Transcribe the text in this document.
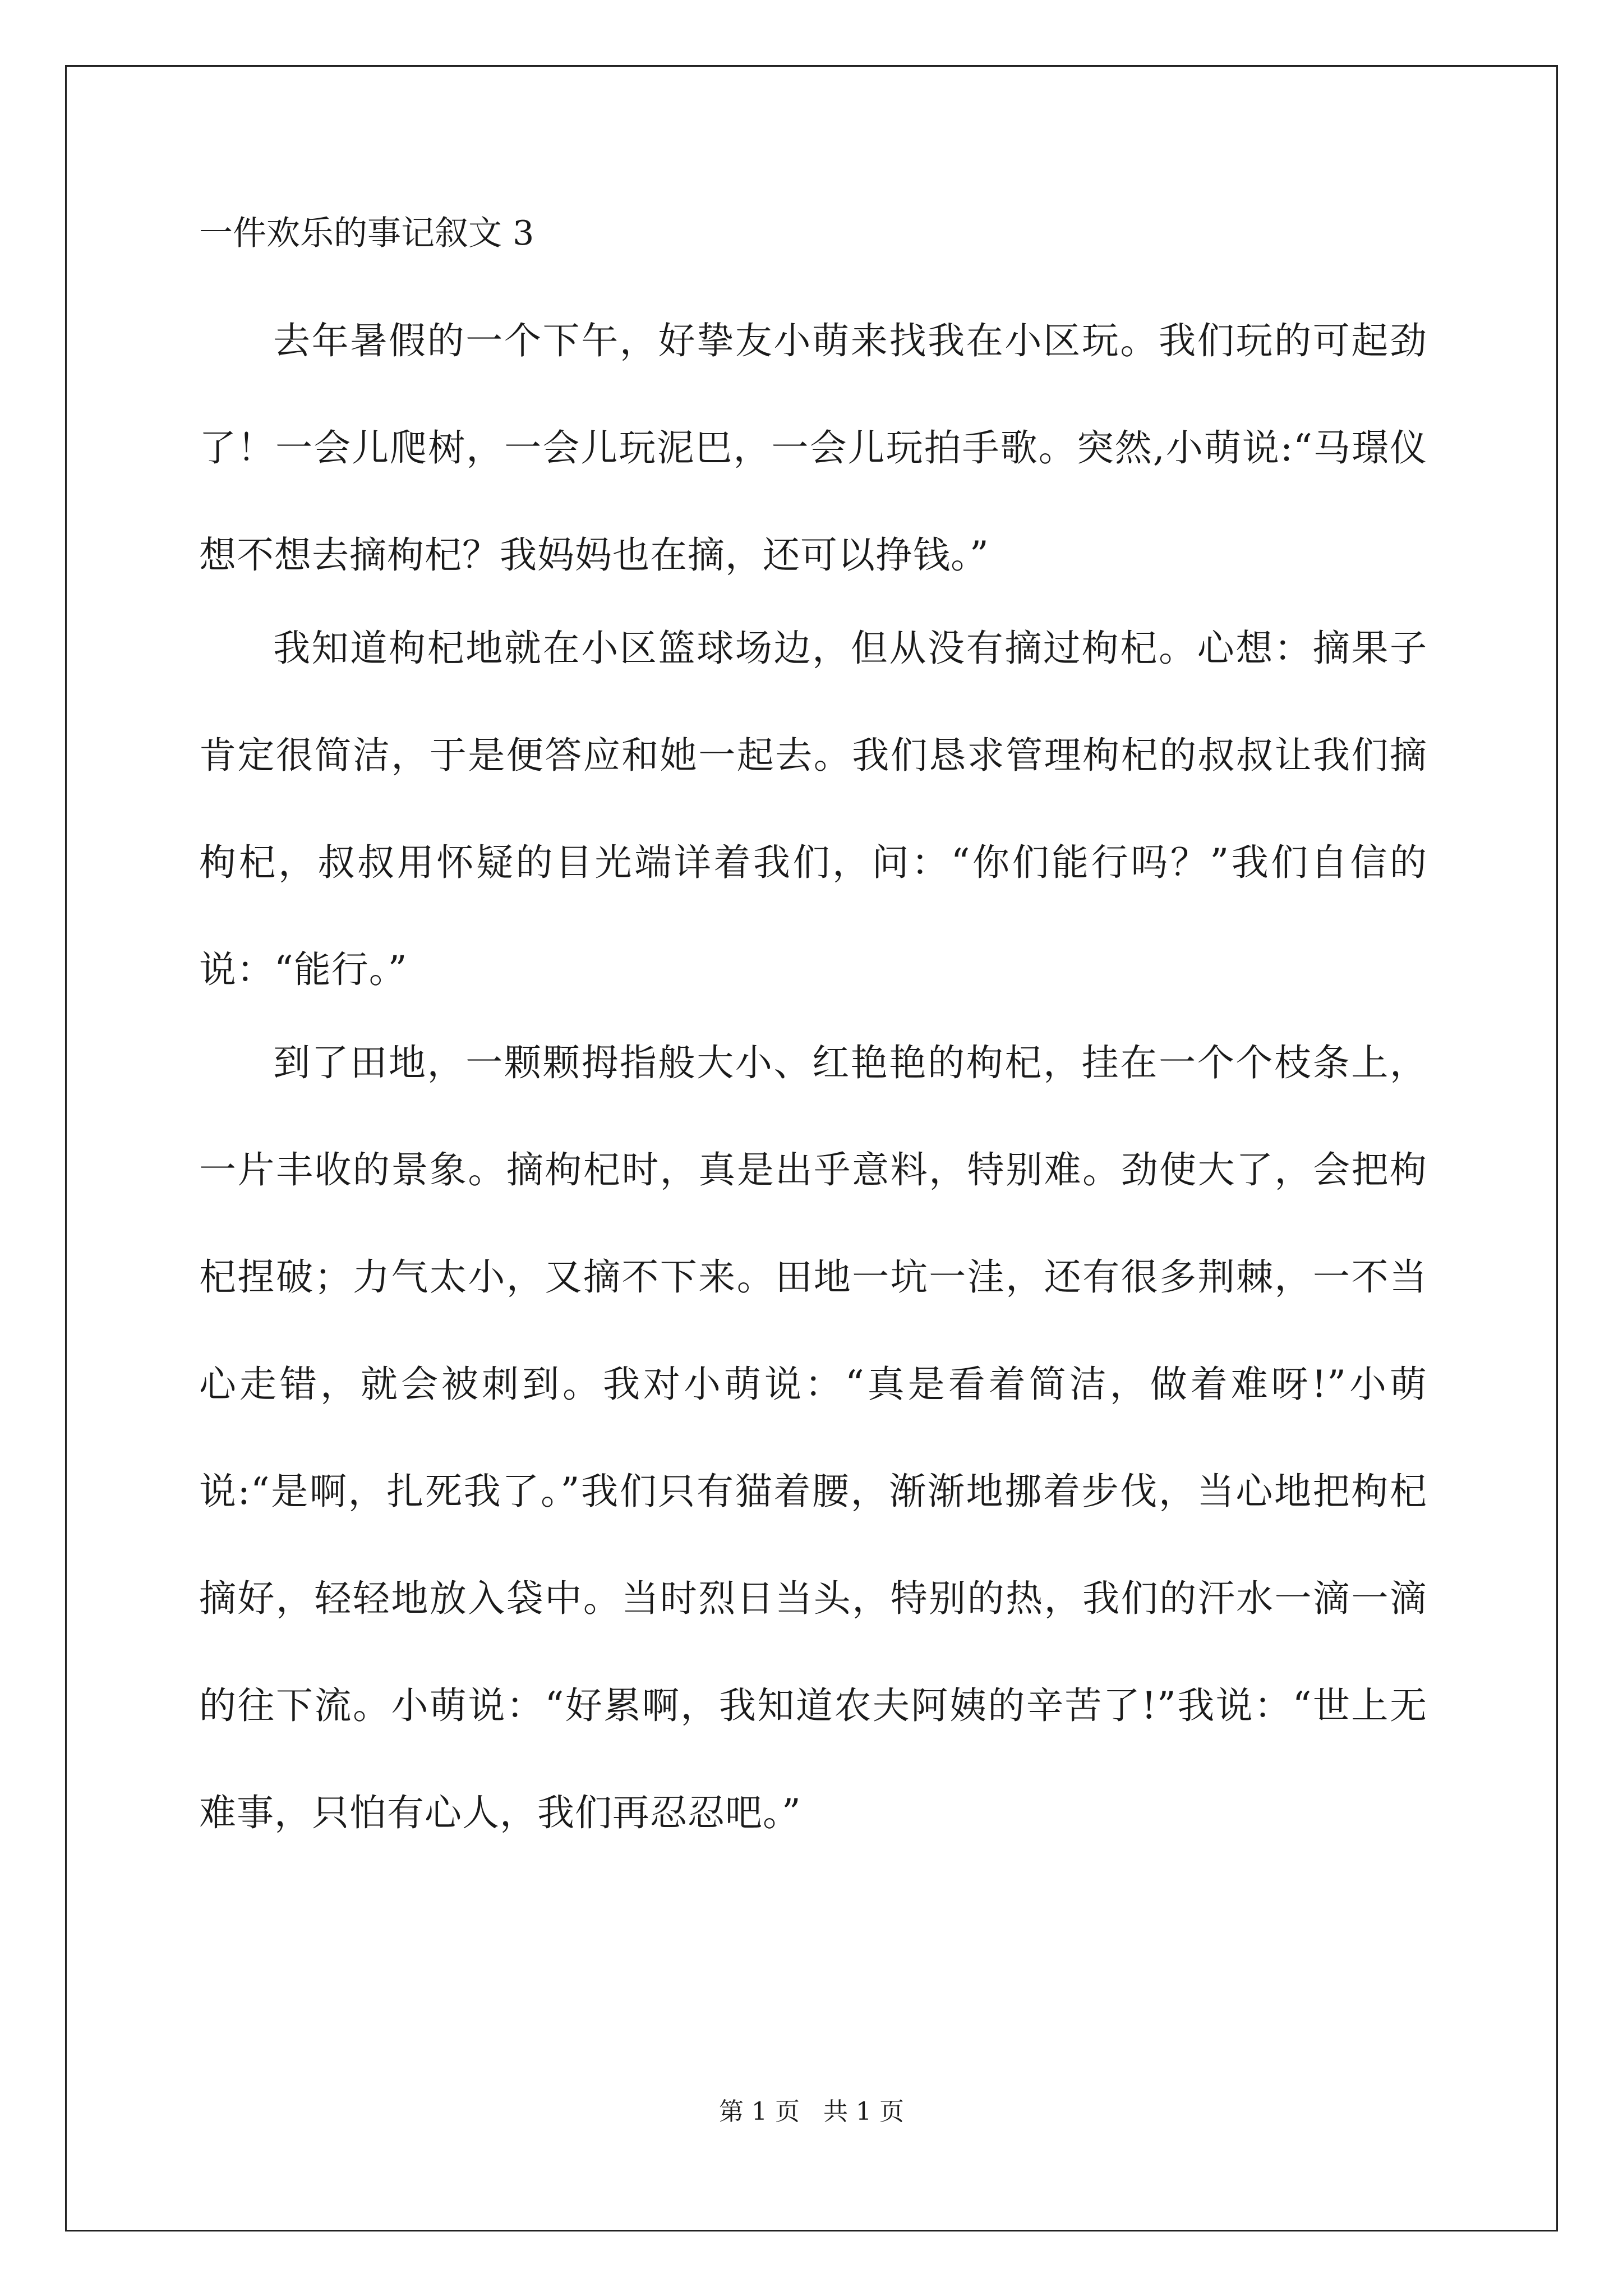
一件欢乐的事记叙文 3

去年暑假的一个下午，好挚友小萌来找我在小区玩。我们玩的可起劲了！一会儿爬树，一会儿玩泥巴，一会儿玩拍手歌。突然,小萌说:“马璟仪想不想去摘枸杞？我妈妈也在摘，还可以挣钱。”

我知道枸杞地就在小区篮球场边，但从没有摘过枸杞。心想：摘果子肯定很简洁，于是便答应和她一起去。我们恳求管理枸杞的叔叔让我们摘枸杞，叔叔用怀疑的目光端详着我们，问：“你们能行吗？”我们自信的说：“能行。”

到了田地，一颗颗拇指般大小、红艳艳的枸杞，挂在一个个枝条上，一片丰收的景象。摘枸杞时，真是出乎意料，特别难。劲使大了，会把枸杞捏破；力气太小，又摘不下来。田地一坑一洼，还有很多荆棘，一不当心走错，就会被刺到。我对小萌说：“真是看着简洁，做着难呀!”小萌说:“是啊，扎死我了。”我们只有猫着腰，渐渐地挪着步伐，当心地把枸杞摘好，轻轻地放入袋中。当时烈日当头，特别的热，我们的汗水一滴一滴的往下流。小萌说：“好累啊，我知道农夫阿姨的辛苦了!”我说：“世上无难事，只怕有心人，我们再忍忍吧。”

第 1 页   共 1 页
